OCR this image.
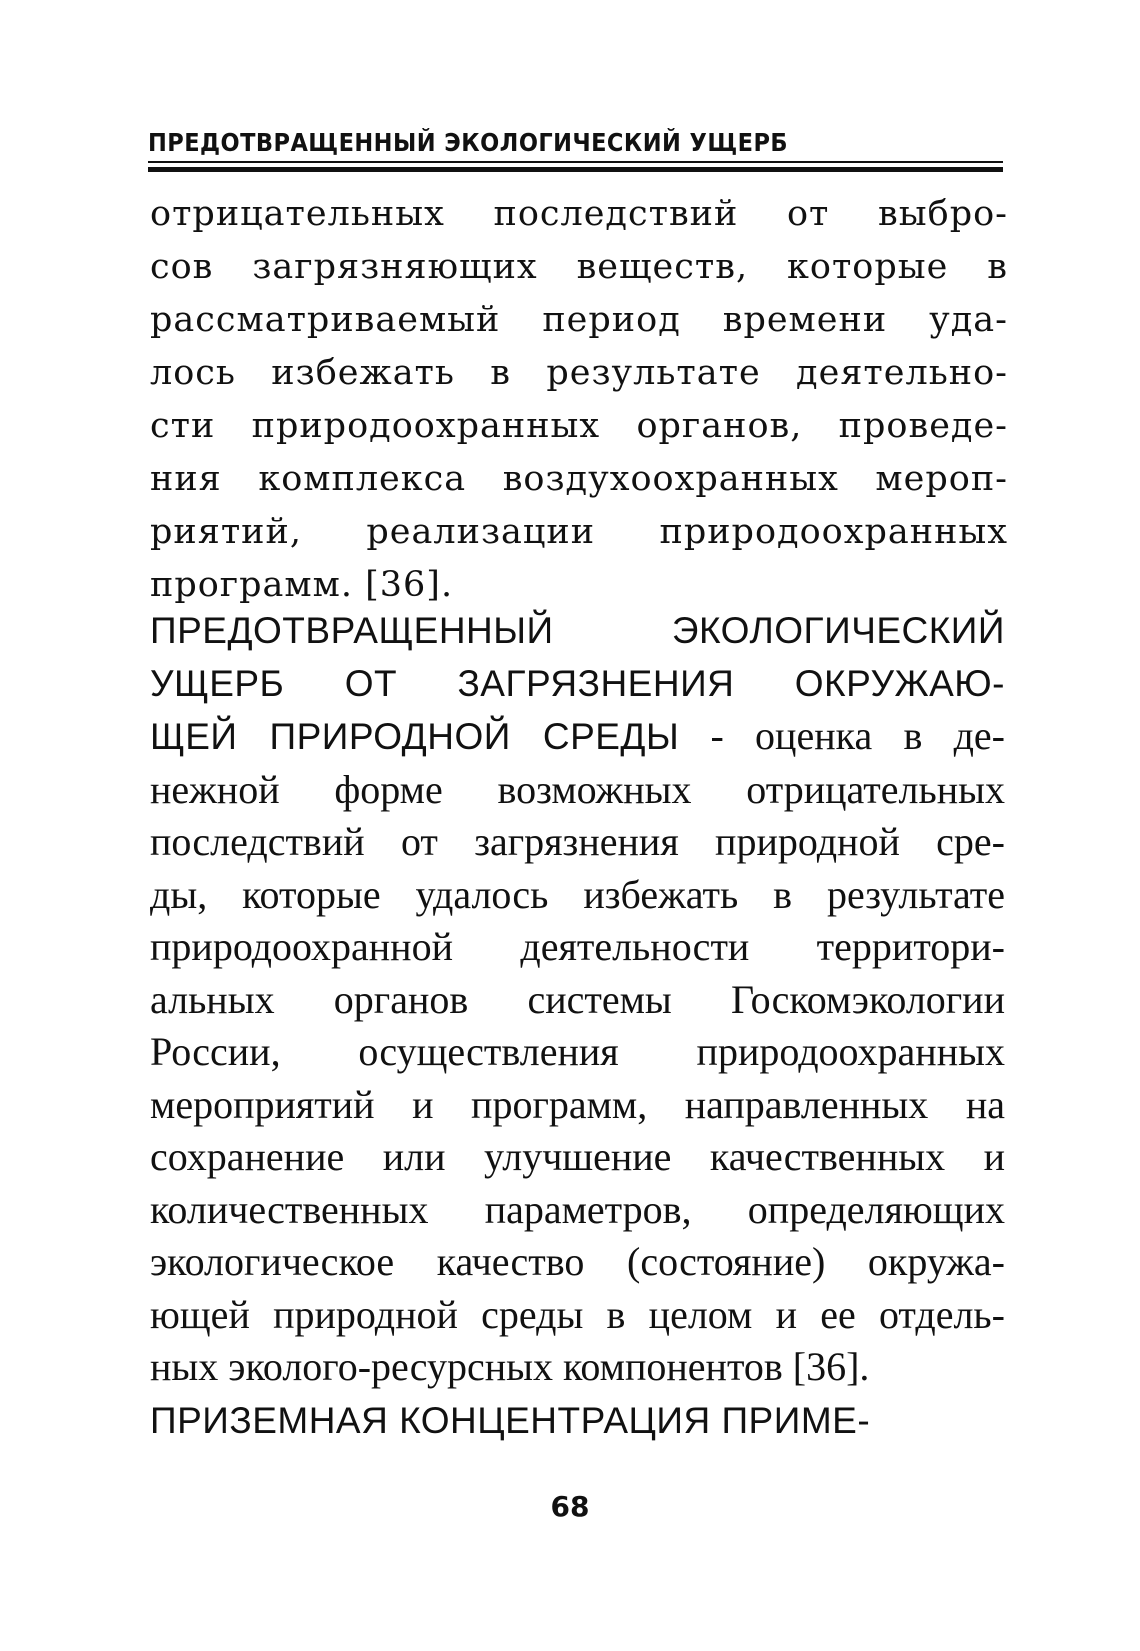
ПРЕДОТВРАЩЕННЫЙ ЭКОЛОГИЧЕСКИЙ УЩЕРБ
отрицательных последствий от выбро-
сов загрязняющих веществ, которые в
рассматриваемый период времени уда-
лось избежать в результате деятельно-
сти природоохранных органов, проведе-
ния комплекса воздухоохранных мероп-
риятий, реализации природоохранных
программ. [36].
ПРЕДОТВРАЩЕННЫЙ ЭКОЛОГИЧЕСКИЙ
УЩЕРБ ОТ ЗАГРЯЗНЕНИЯ ОКРУЖАЮ-
ЩЕЙ ПРИРОДНОЙ СРЕДЫ - оценка в де-
нежной форме возможных отрицательных
последствий от загрязнения природной сре-
ды, которые удалось избежать в результате
природоохранной деятельности территори-
альных органов системы Госкомэкологии
России, осуществления природоохранных
мероприятий и программ, направленных на
сохранение или улучшение качественных и
количественных параметров, определяющих
экологическое качество (состояние) окружа-
ющей природной среды в целом и ее отдель-
ных эколого-ресурсных компонентов [36].
ПРИЗЕМНАЯ КОНЦЕНТРАЦИЯ ПРИМЕ-
68
